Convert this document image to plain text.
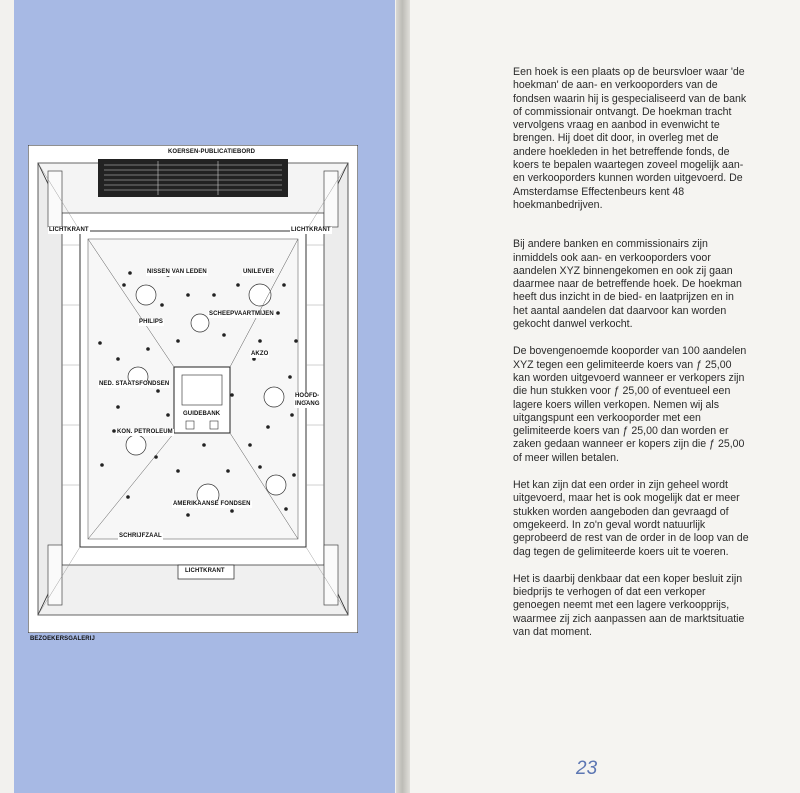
KOERSEN-PUBLICATIEBORD
LICHTKRANT	LICHTKRANT
NISSEN VAN LEDEN	UNILEVER
PHILIPS
SCHEEPVAARTMIJEN
AKZO
NED. STAATSFONDSEN
HOOFD-
INGANG
GUIDEBANK
KON. PETROLEUM
AMERIKAANSE FONDSEN
SCHRIJFZAAL
LICHTKRANT
BEZOEKERSGALERIJ

Een hoek is een plaats op de beursvloer waar 'de hoekman' de aan- en verkooporders van de fondsen waarin hij is gespecialiseerd van de bank of commissionair ontvangt. De hoekman tracht vervolgens vraag en aanbod in evenwicht te brengen. Hij doet dit door, in overleg met de andere hoekleden in het betreffende fonds, de koers te bepalen waartegen zoveel mogelijk aan- en verkooporders kunnen worden uitgevoerd. De Amsterdamse Effectenbeurs kent 48 hoekmanbedrijven.

Bij andere banken en commissionairs zijn inmiddels ook aan- en verkooporders voor aandelen XYZ binnengekomen en ook zij gaan daarmee naar de betreffende hoek. De hoekman heeft dus inzicht in de bied- en laatprijzen en in het aantal aandelen dat daarvoor kan worden gekocht danwel verkocht.

De bovengenoemde kooporder van 100 aandelen XYZ tegen een gelimiteerde koers van ƒ 25,00 kan worden uitgevoerd wanneer er verkopers zijn die hun stukken voor ƒ 25,00 of eventueel een lagere koers willen verkopen. Nemen wij als uitgangspunt een verkooporder met een gelimiteerde koers van ƒ 25,00 dan worden er zaken gedaan wanneer er kopers zijn die ƒ 25,00 of meer willen betalen.

Het kan zijn dat een order in zijn geheel wordt uitgevoerd, maar het is ook mogelijk dat er meer stukken worden aangeboden dan gevraagd of omgekeerd. In zo'n geval wordt natuurlijk geprobeerd de rest van de order in de loop van de dag tegen de gelimiteerde koers uit te voeren.

Het is daarbij denkbaar dat een koper besluit zijn biedprijs te verhogen of dat een verkoper genoegen neemt met een lagere verkoopprijs, waarmee zij zich aanpassen aan de marktsituatie van dat moment.

23
